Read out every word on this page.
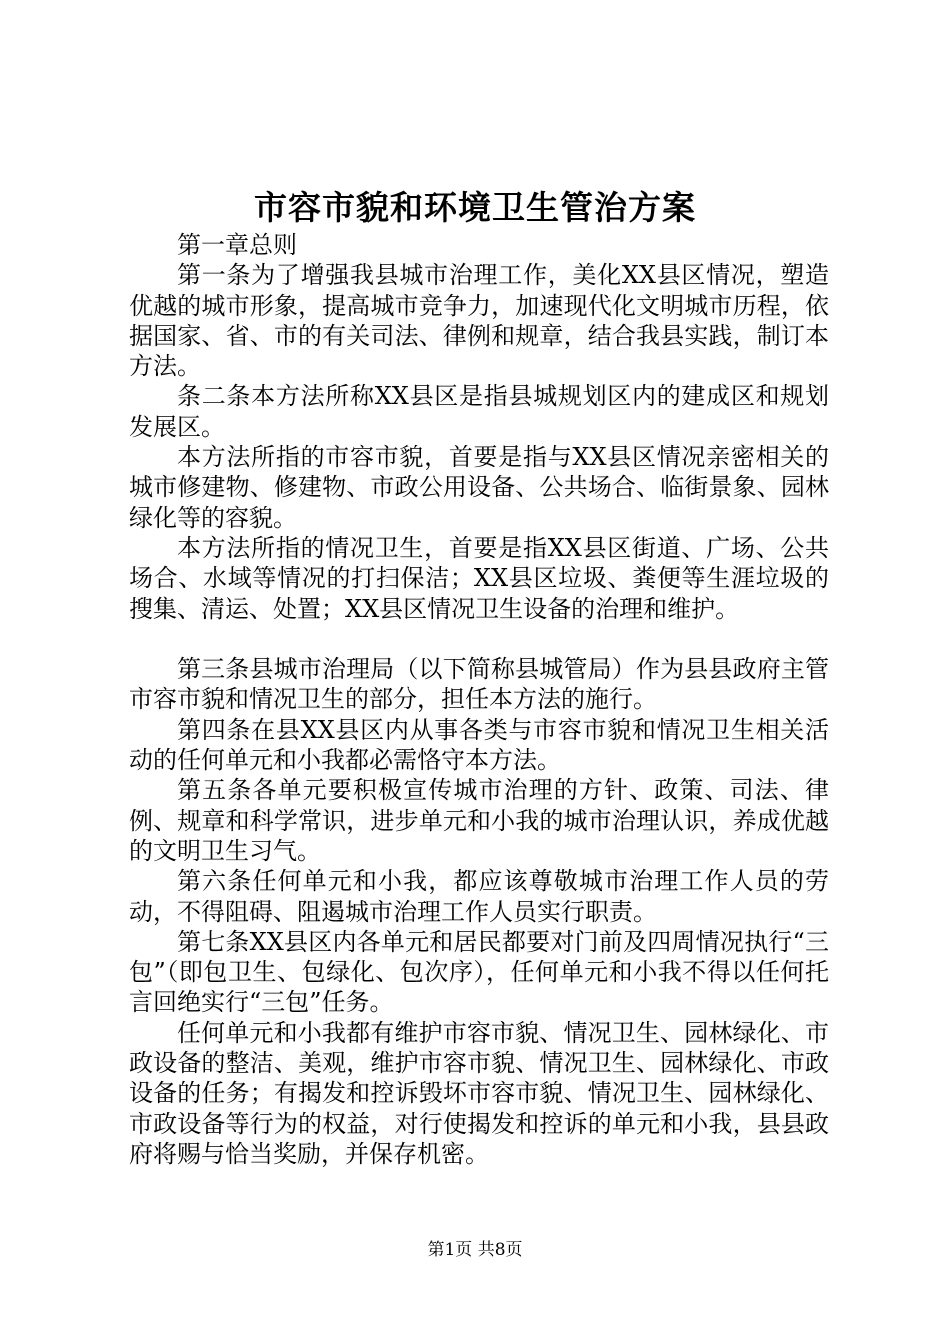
市容市貌和环境卫生管治方案

第一章总则

第一条为了增强我县城市治理工作，美化XX县区情况，塑造优越的城市形象，提高城市竞争力，加速现代化文明城市历程，依据国家、省、市的有关司法、律例和规章，结合我县实践，制订本方法。

条二条本方法所称XX县区是指县城规划区内的建成区和规划发展区。

本方法所指的市容市貌，首要是指与XX县区情况亲密相关的城市修建物、修建物、市政公用设备、公共场合、临街景象、园林绿化等的容貌。

本方法所指的情况卫生，首要是指XX县区街道、广场、公共场合、水域等情况的打扫保洁；XX县区垃圾、粪便等生涯垃圾的搜集、清运、处置；XX县区情况卫生设备的治理和维护。

第三条县城市治理局（以下简称县城管局）作为县县政府主管市容市貌和情况卫生的部分，担任本方法的施行。

第四条在县XX县区内从事各类与市容市貌和情况卫生相关活动的任何单元和小我都必需恪守本方法。

第五条各单元要积极宣传城市治理的方针、政策、司法、律例、规章和科学常识，进步单元和小我的城市治理认识，养成优越的文明卫生习气。

第六条任何单元和小我，都应该尊敬城市治理工作人员的劳动，不得阻碍、阻遏城市治理工作人员实行职责。

第七条XX县区内各单元和居民都要对门前及四周情况执行“三包”（即包卫生、包绿化、包次序），任何单元和小我不得以任何托言回绝实行“三包”任务。

任何单元和小我都有维护市容市貌、情况卫生、园林绿化、市政设备的整洁、美观，维护市容市貌、情况卫生、园林绿化、市政设备的任务；有揭发和控诉毁坏市容市貌、情况卫生、园林绿化、市政设备等行为的权益，对行使揭发和控诉的单元和小我，县县政府将赐与恰当奖励，并保存机密。

第1页 共8页
